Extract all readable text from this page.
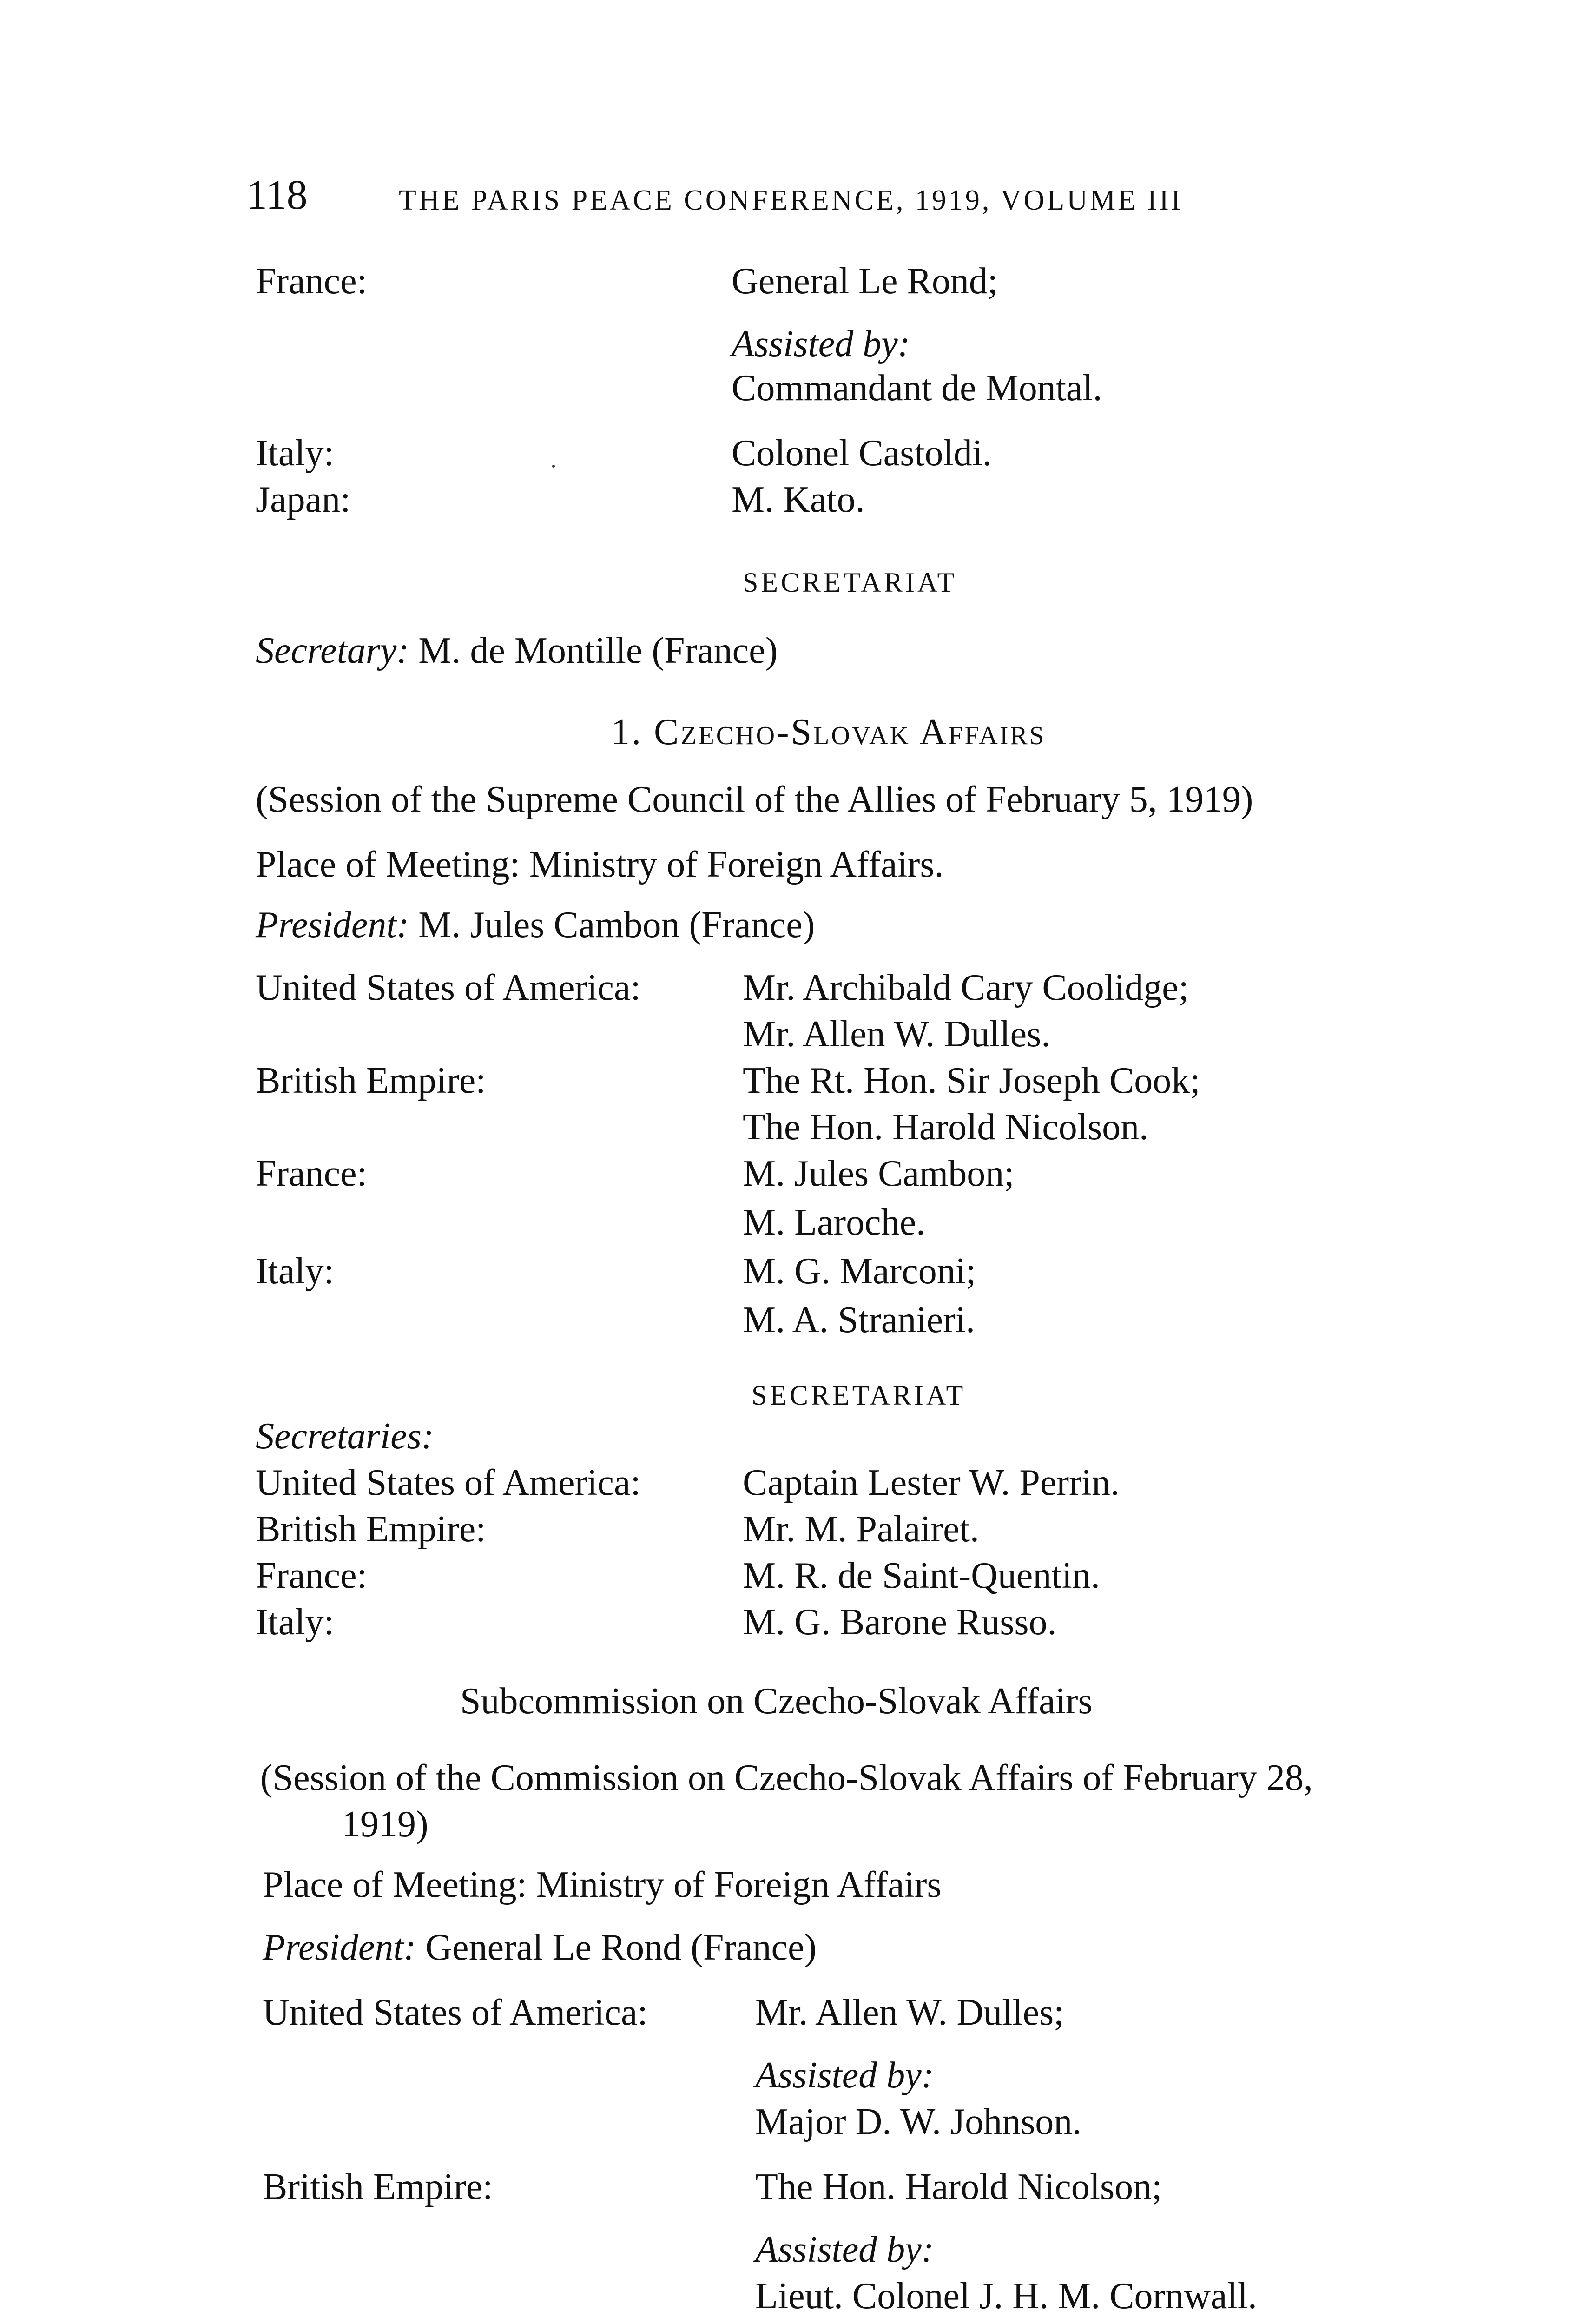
118	THE PARIS PEACE CONFERENCE, 1919, VOLUME III
France:	General Le Rond;
Assisted by:
Commandant de Montal.
Italy:	Colonel Castoldi.
Japan:	M. Kato.
SECRETARIAT
Secretary: M. de Montille (France)
1. Czecho-Slovak Affairs
(Session of the Supreme Council of the Allies of February 5, 1919)
Place of Meeting: Ministry of Foreign Affairs.
President: M. Jules Cambon (France)
United States of America:	Mr. Archibald Cary Coolidge;
Mr. Allen W. Dulles.
British Empire:	The Rt. Hon. Sir Joseph Cook;
The Hon. Harold Nicolson.
France:	M. Jules Cambon;
M. Laroche.
Italy:	M. G. Marconi;
M. A. Stranieri.
SECRETARIAT
Secretaries:
United States of America:	Captain Lester W. Perrin.
British Empire:	Mr. M. Palairet.
France:	M. R. de Saint-Quentin.
Italy:	M. G. Barone Russo.
Subcommission on Czecho-Slovak Affairs
(Session of the Commission on Czecho-Slovak Affairs of February 28,
1919)
Place of Meeting: Ministry of Foreign Affairs
President: General Le Rond (France)
United States of America:	Mr. Allen W. Dulles;
Assisted by:
Major D. W. Johnson.
British Empire:	The Hon. Harold Nicolson;
Assisted by:
Lieut. Colonel J. H. M. Cornwall.
